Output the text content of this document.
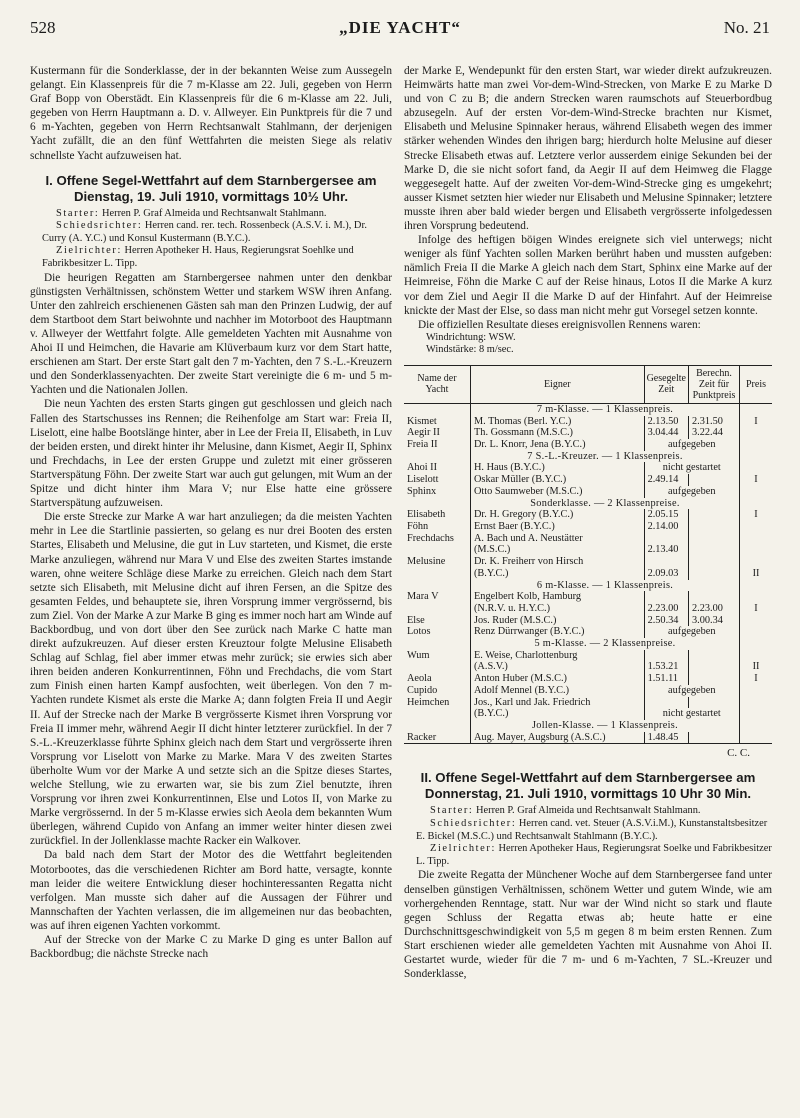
528	„DIE YACHT“	No. 21

Kustermann für die Sonderklasse, der in der bekannten Weise zum Aussegeln gelangt. Ein Klassenpreis für die 7 m-Klasse am 22. Juli, gegeben von Herrn Graf Bopp von Oberstädt. Ein Klassenpreis für die 6 m-Klasse am 22. Juli, gegeben von Herrn Hauptmann a. D. v. Allweyer. Ein Punktpreis für die 7 und 6 m-Yachten, gegeben von Herrn Rechtsanwalt Stahlmann, der derjenigen Yacht zufällt, die an den fünf Wettfahrten die meisten Siege als relativ schnellste Yacht aufzuweisen hat.

I. Offene Segel-Wettfahrt auf dem Starnbergersee am Dienstag, 19. Juli 1910, vormittags 10½ Uhr.

Starter: Herren P. Graf Almeida und Rechtsanwalt Stahlmann.

Schiedsrichter: Herren cand. rer. tech. Rossenbeck (A.S.V. i. M.), Dr. Curry (A. Y.C.) und Konsul Kustermann (B.Y.C.).

Zielrichter: Herren Apotheker H. Haus, Regierungsrat Soehlke und Fabrikbesitzer L. Tipp.

Die heurigen Regatten am Starnbergersee nahmen unter den denkbar günstigsten Verhältnissen, schönstem Wetter und starkem WSW ihren Anfang. Unter den zahlreich erschienenen Gästen sah man den Prinzen Ludwig, der auf dem Startboot dem Start beiwohnte und nachher im Motorboot des Hauptmann v. Allweyer der Wettfahrt folgte. Alle gemeldeten Yachten mit Ausnahme von Ahoi II und Heimchen, die Havarie am Klüverbaum kurz vor dem Start hatte, erschienen am Start. Der erste Start galt den 7 m-Yachten, den 7 S.-L.-Kreuzern und den Sonderklassenyachten. Der zweite Start vereinigte die 6 m- und 5 m-Yachten und die Nationalen Jollen.

Die neun Yachten des ersten Starts gingen gut geschlossen und gleich nach Fallen des Startschusses ins Rennen; die Reihenfolge am Start war: Freia II, Liselott, eine halbe Bootslänge hinter, aber in Lee der Freia II, Elisabeth, in Luv der beiden ersten, und direkt hinter ihr Melusine, dann Kismet, Aegir II, Sphinx und Frechdachs, in Lee der ersten Gruppe und zuletzt mit einer grösseren Startverspätung Föhn. Der zweite Start war auch gut gelungen, mit Wum an der Spitze und dicht hinter ihm Mara V; nur Else hatte eine grössere Startverspätung aufzuweisen.

Die erste Strecke zur Marke A war hart anzuliegen; da die meisten Yachten mehr in Lee die Startlinie passierten, so gelang es nur drei Booten des ersten Startes, Elisabeth und Melusine, die gut in Luv starteten, und Kismet, die erste Marke anzuliegen, während nur Mara V und Else des zweiten Startes imstande waren, ohne weitere Schläge diese Marke zu erreichen. Gleich nach dem Start setzte sich Elisabeth, mit Melusine dicht auf ihren Fersen, an die Spitze des gesamten Feldes, und behauptete sie, ihren Vorsprung immer vergrössernd, bis zum Ziel. Von der Marke A zur Marke B ging es immer noch hart am Winde auf Backbordbug, und von dort über den See zurück nach Marke C hatte man direkt aufzukreuzen. Auf dieser ersten Kreuztour folgte Melusine Elisabeth Schlag auf Schlag, fiel aber immer etwas mehr zurück; sie erwies sich aber ihren beiden anderen Konkurrentinnen, Föhn und Frechdachs, die vom Start zum Finish einen harten Kampf ausfochten, weit überlegen. Von den 7 m-Yachten rundete Kismet als erste die Marke A; dann folgten Freia II und Aegir II. Auf der Strecke nach der Marke B vergrösserte Kismet ihren Vorsprung vor Freia II immer mehr, während Aegir II dicht hinter letzterer zurückfiel. In der 7 S.-L.-Kreuzerklasse führte Sphinx gleich nach dem Start und vergrösserte ihren Vorsprung vor Liselott von Marke zu Marke. Mara V des zweiten Startes überholte Wum vor der Marke A und setzte sich an die Spitze dieses Startes, welche Stellung, wie zu erwarten war, sie bis zum Ziel benutzte, ihren Vorsprung vor ihren zwei Konkurrentinnen, Else und Lotos II, von Marke zu Marke vergrössernd. In der 5 m-Klasse erwies sich Aeola dem bekannten Wum überlegen, während Cupido von Anfang an immer weiter hinter diesen zwei zurückfiel. In der Jollenklasse machte Racker ein Walkover.

Da bald nach dem Start der Motor des die Wettfahrt begleitenden Motorbootes, das die verschiedenen Richter am Bord hatte, versagte, konnte man leider die weitere Entwicklung dieser hochinteressanten Regatta nicht verfolgen. Man musste sich daher auf die Aussagen der Führer und Mannschaften der Yachten verlassen, die im allgemeinen nur das beobachten, was auf ihren eigenen Yachten vorkommt.

Auf der Strecke von der Marke C zu Marke D ging es unter Ballon auf Backbordbug; die nächste Strecke nach

der Marke E, Wendepunkt für den ersten Start, war wieder direkt aufzukreuzen. Heimwärts hatte man zwei Vor-dem-Wind-Strecken, von Marke E zu Marke D und von C zu B; die andern Strecken waren raumschots auf Steuerbordbug abzusegeln. Auf der ersten Vor-dem-Wind-Strecke brachten nur Kismet, Elisabeth und Melusine Spinnaker heraus, während Elisabeth wegen des immer stärker wehenden Windes den ihrigen barg; hierdurch holte Melusine auf dieser Strecke Elisabeth etwas auf. Letztere verlor ausserdem einige Sekunden bei der Marke D, die sie nicht sofort fand, da Aegir II auf dem Heimweg die Flagge weggesegelt hatte. Auf der zweiten Vor-dem-Wind-Strecke ging es umgekehrt; ausser Kismet setzten hier wieder nur Elisabeth und Melusine Spinnaker; letztere musste ihren aber bald wieder bergen und Elisabeth vergrösserte infolgedessen ihren Vorsprung bedeutend.

Infolge des heftigen böigen Windes ereignete sich viel unterwegs; nicht weniger als fünf Yachten sollen Marken berührt haben und mussten aufgeben: nämlich Freia II die Marke A gleich nach dem Start, Sphinx eine Marke auf der Heimreise, Föhn die Marke C auf der Reise hinaus, Lotos II die Marke A kurz vor dem Ziel und Aegir II die Marke D auf der Hinfahrt. Auf der Heimreise knickte der Mast der Else, so dass man nicht mehr gut Vorsegel setzen konnte.

Die offiziellen Resultate dieses ereignisvollen Rennens waren:

Windrichtung: WSW.
Windstärke: 8 m/sec.
Name der Yacht	Eigner	Gesegelte Zeit	Berechn. Zeit für Punktpreis	Preis
	7 m-Klasse. — 1 Klassenpreis.			
Kismet	M. Thomas (Berl. Y.C.)	2.13.50	2.31.50	I
Aegir II	Th. Gossmann (M.S.C.)	3.04.44	3.22.44	
Freia II	Dr. L. Knorr, Jena (B.Y.C.)	aufgegeben		
	7 S.-L.-Kreuzer. — 1 Klassenpreis.			
Ahoi II	H. Haus (B.Y.C.)	nicht gestartet		
Liselott	Oskar Müller (B.Y.C.)	2.49.14		I
Sphinx	Otto Saumweber (M.S.C.)	aufgegeben		
	Sonderklasse. — 2 Klassenpreise.			
Elisabeth	Dr. H. Gregory (B.Y.C.)	2.05.15		I
Föhn	Ernst Baer (B.Y.C.)	2.14.00		
Frechdachs	A. Bach und A. Neustätter			
	(M.S.C.)	2.13.40		
Melusine	Dr. K. Freiherr von Hirsch			
	(B.Y.C.)	2.09.03		II
	6 m-Klasse. — 1 Klassenpreis.			
Mara V	Engelbert Kolb, Hamburg			
	(N.R.V. u. H.Y.C.)	2.23.00	2.23.00	I
Else	Jos. Ruder (M.S.C.)	2.50.34	3.00.34	
Lotos	Renz Dürrwanger (B.Y.C.)	aufgegeben		
	5 m-Klasse. — 2 Klassenpreise.			
Wum	E. Weise, Charlottenburg			
	(A.S.V.)	1.53.21		II
Aeola	Anton Huber (M.S.C.)	1.51.11		I
Cupido	Adolf Mennel (B.Y.C.)	aufgegeben		
Heimchen	Jos., Karl und Jak. Friedrich			
	(B.Y.C.)	nicht gestartet		
	Jollen-Klasse. — 1 Klassenpreis.			
Racker	Aug. Mayer, Augsburg (A.S.C.)	1.48.45		
C. C.
II. Offene Segel-Wettfahrt auf dem Starnbergersee am Donnerstag, 21. Juli 1910, vormittags 10 Uhr 30 Min.

Starter: Herren P. Graf Almeida und Rechtsanwalt Stahlmann.

Schiedsrichter: Herren cand. vet. Steuer (A.S.V.i.M.), Kunstanstaltsbesitzer E. Bickel (M.S.C.) und Rechtsanwalt Stahlmann (B.Y.C.).

Zielrichter: Herren Apotheker Haus, Regierungsrat Soelke und Fabrikbesitzer L. Tipp.

Die zweite Regatta der Münchener Woche auf dem Starnbergersee fand unter denselben günstigen Verhältnissen, schönem Wetter und gutem Winde, wie am vorhergehenden Renntage, statt. Nur war der Wind nicht so stark und flaute gegen Schluss der Regatta etwas ab; heute hatte er eine Durchschnittsgeschwindigkeit von 5,5 m gegen 8 m beim ersten Rennen. Zum Start erschienen wieder alle gemeldeten Yachten mit Ausnahme von Ahoi II. Gestartet wurde, wieder für die 7 m- und 6 m-Yachten, 7 SL.-Kreuzer und Sonderklasse,
